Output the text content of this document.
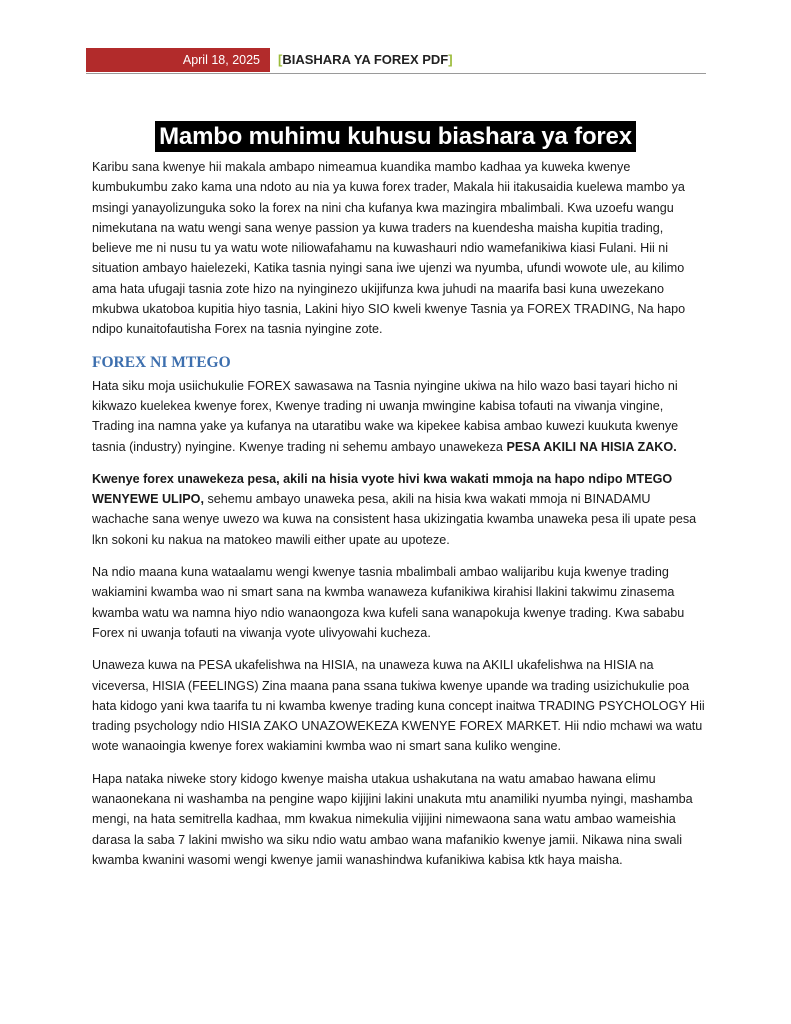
April 18, 2025 [BIASHARA YA FOREX PDF]
Mambo muhimu kuhusu biashara ya forex

Karibu sana kwenye hii makala ambapo nimeamua kuandika mambo kadhaa ya kuweka kwenye kumbukumbu zako kama una ndoto au nia ya kuwa forex trader, Makala hii itakusaidia kuelewa mambo ya msingi yanayolizunguka soko la forex na nini cha kufanya kwa mazingira mbalimbali. Kwa uzoefu wangu nimekutana na watu wengi sana wenye passion ya kuwa traders na kuendesha maisha kupitia trading, believe me ni nusu tu ya watu wote niliowafahamu na kuwashauri ndio wamefanikiwa kiasi Fulani. Hii ni situation ambayo haielezeki, Katika tasnia nyingi sana iwe ujenzi wa nyumba, ufundi wowote ule, au kilimo ama hata ufugaji tasnia zote hizo na nyinginezo ukijifunza kwa juhudi na maarifa basi kuna uwezekano mkubwa ukatoboa kupitia hiyo tasnia, Lakini hiyo SIO kweli kwenye Tasnia ya FOREX TRADING, Na hapo ndipo kunaitofautisha Forex na tasnia nyingine zote.

FOREX NI MTEGO

Hata siku moja usiichukulie FOREX sawasawa na Tasnia nyingine ukiwa na hilo wazo basi tayari hicho ni kikwazo kuelekea kwenye forex, Kwenye trading ni uwanja mwingine kabisa tofauti na viwanja vingine, Trading ina namna yake ya kufanya na utaratibu wake wa kipekee kabisa ambao kuwezi kuukuta kwenye tasnia (industry) nyingine. Kwenye trading ni sehemu ambayo unawekeza PESA AKILI NA HISIA ZAKO.

Kwenye forex unawekeza pesa, akili na hisia vyote hivi kwa wakati mmoja na hapo ndipo MTEGO WENYEWE ULIPO, sehemu ambayo unaweka pesa, akili na hisia kwa wakati mmoja ni BINADAMU wachache sana wenye uwezo wa kuwa na consistent hasa ukizingatia kwamba unaweka pesa ili upate pesa lkn sokoni ku nakua na matokeo mawili either upate au upoteze.

Na ndio maana kuna wataalamu wengi kwenye tasnia mbalimbali ambao walijaribu kuja kwenye trading wakiamini kwamba wao ni smart sana na kwmba wanaweza kufanikiwa kirahisi llakini takwimu zinasema kwamba watu wa namna hiyo ndio wanaongoza kwa kufeli sana wanapokuja kwenye trading. Kwa sababu Forex ni uwanja tofauti na viwanja vyote ulivyowahi kucheza.

Unaweza kuwa na PESA ukafelishwa na HISIA, na unaweza kuwa na AKILI ukafelishwa na HISIA na viceversa, HISIA (FEELINGS) Zina maana pana ssana tukiwa kwenye upande wa trading usizichukulie poa hata kidogo yani kwa taarifa tu ni kwamba kwenye trading kuna concept inaitwa TRADING PSYCHOLOGY Hii trading psychology ndio HISIA ZAKO UNAZOWEKEZA KWENYE FOREX MARKET. Hii ndio mchawi wa watu wote wanaoingia kwenye forex wakiamini kwmba wao ni smart sana kuliko wengine.

Hapa nataka niweke story kidogo kwenye maisha utakua ushakutana na watu amabao hawana elimu wanaonekana ni washamba na pengine wapo kijijini lakini unakuta mtu anamiliki nyumba nyingi, mashamba mengi, na hata semitrella kadhaa, mm kwakua nimekulia vijijini nimewaona sana watu ambao wameishia darasa la saba 7 lakini mwisho wa siku ndio watu ambao wana mafanikio kwenye jamii. Nikawa nina swali kwamba kwanini wasomi wengi kwenye jamii wanashindwa kufanikiwa kabisa ktk haya maisha.
